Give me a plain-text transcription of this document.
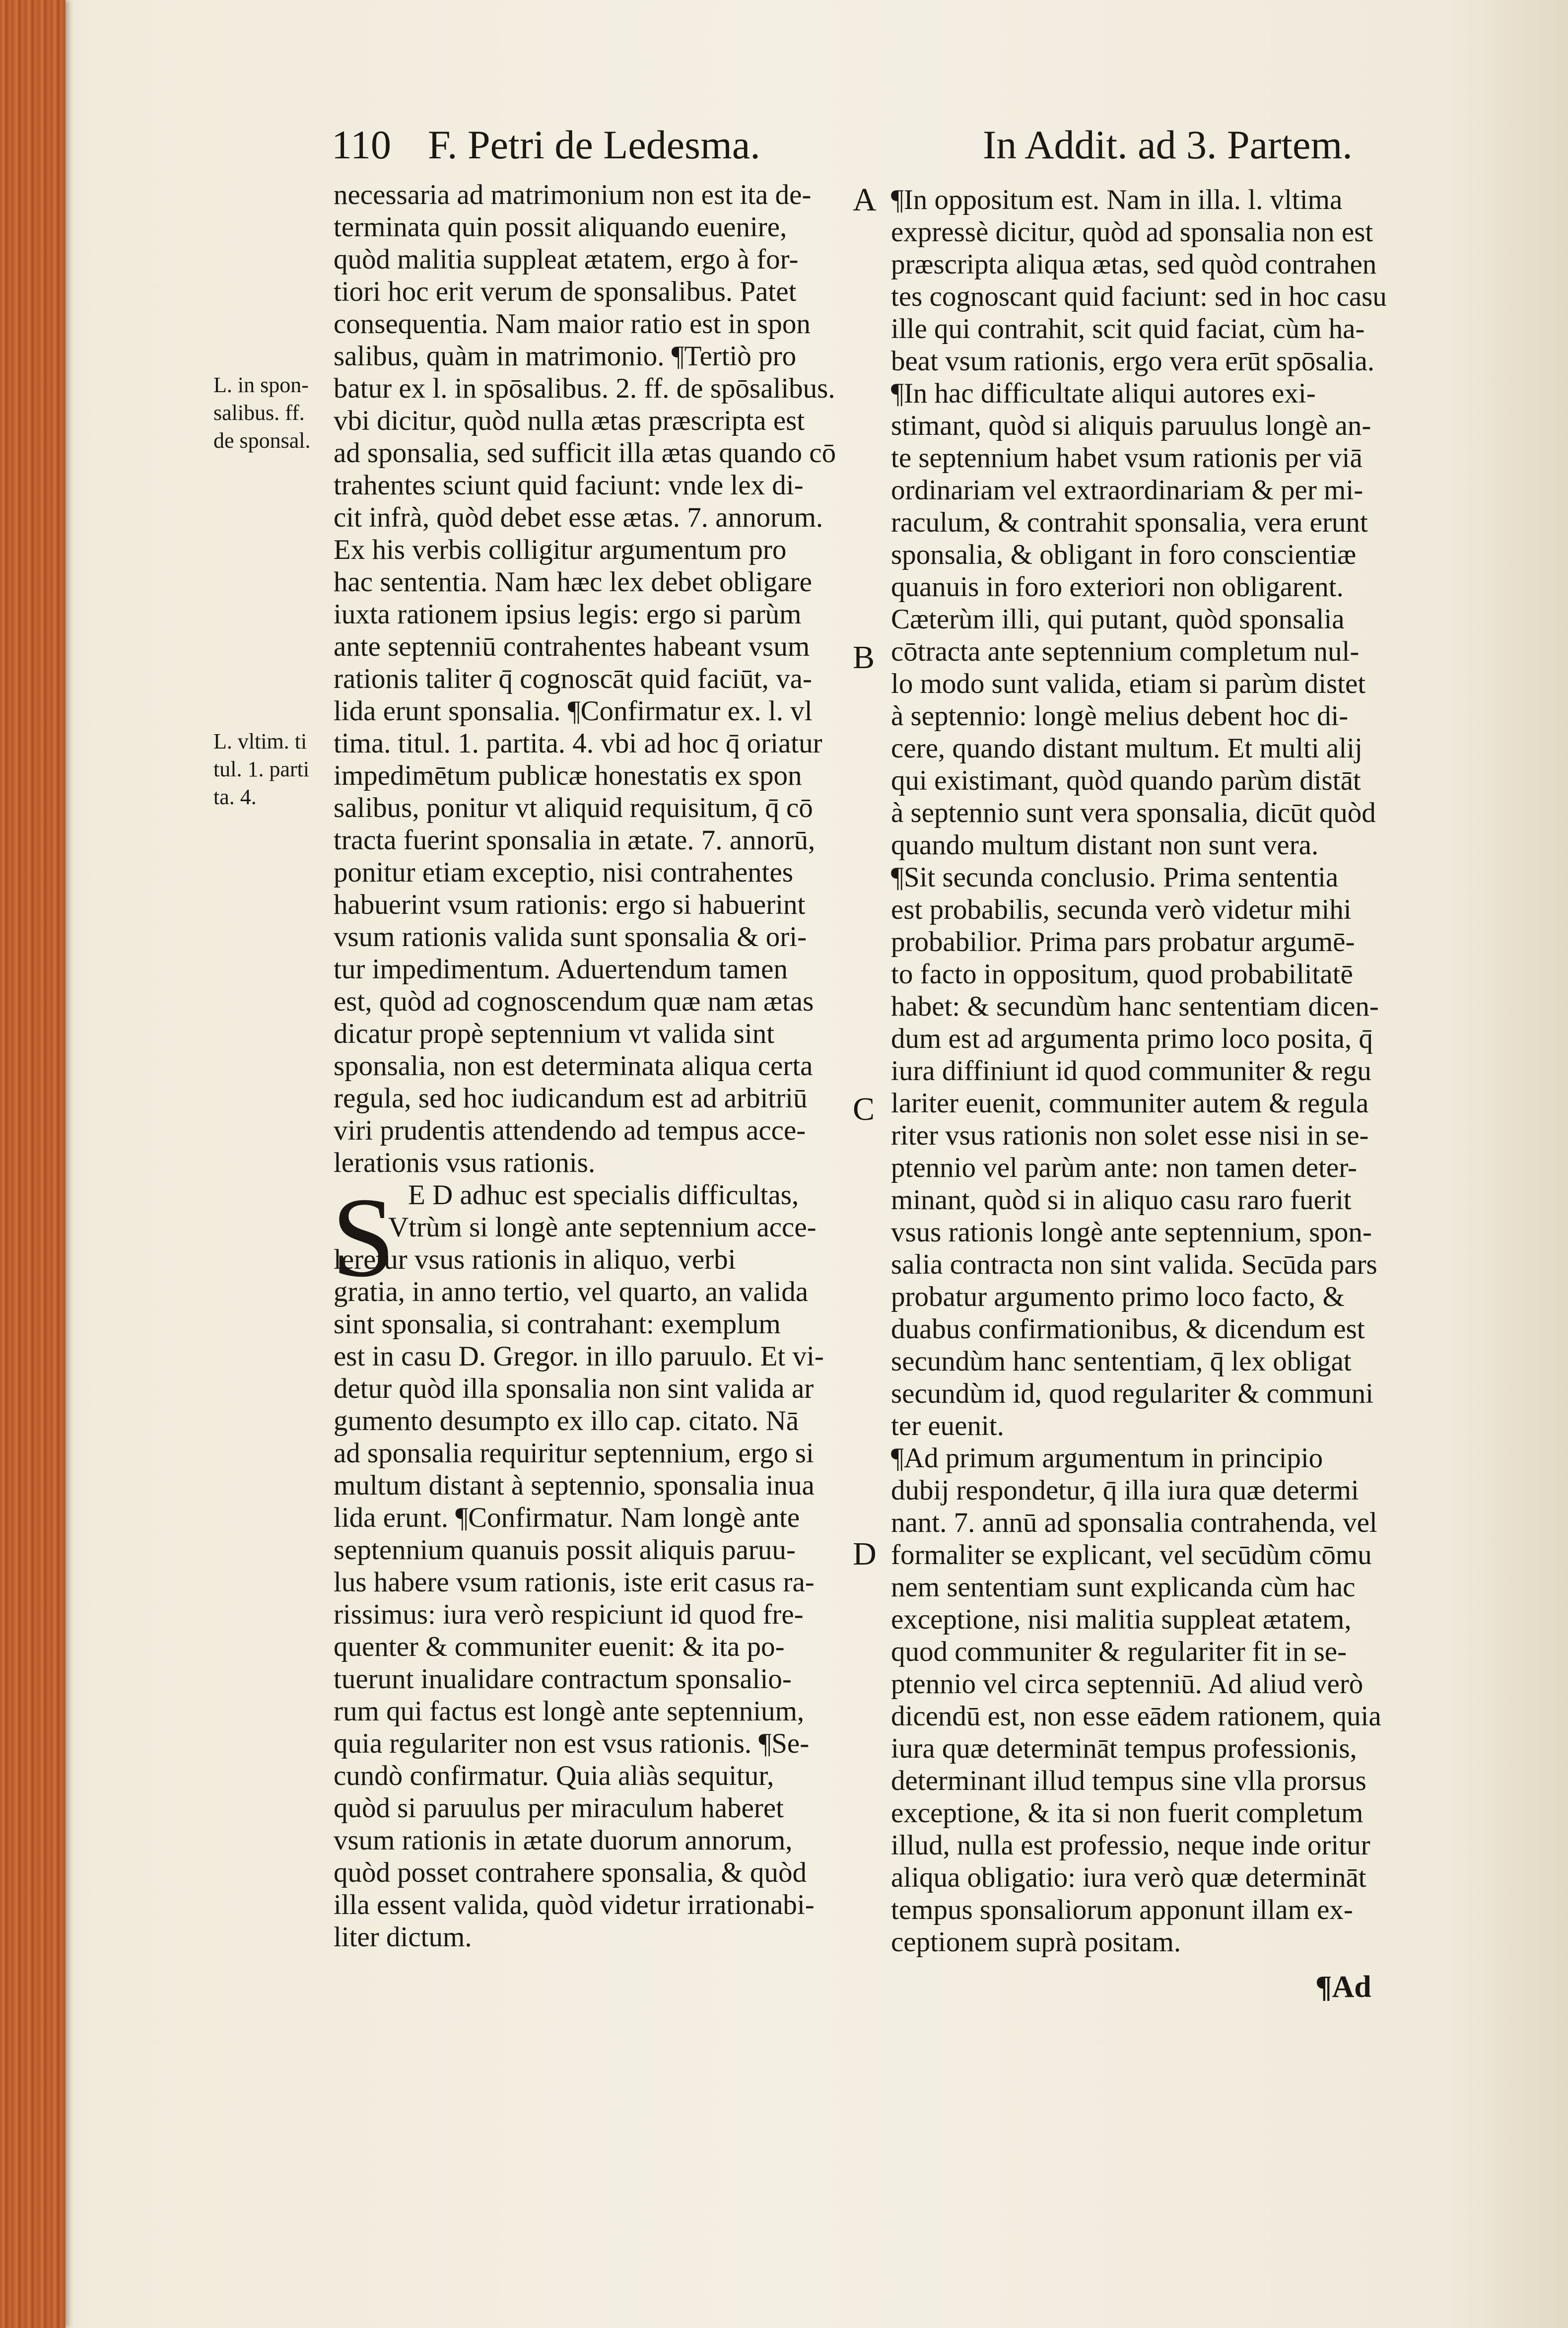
110 F. Petri de Ledesma.	In Addit. ad 3. Partem.
L. in spon-
salibus. ff.
de sponsal.
L. vltim. ti
tul. 1. parti
ta. 4.
A
B
C
D
S
necessaria ad matrimonium non est ita de-
terminata quin possit aliquando euenire,
quòd malitia suppleat ætatem, ergo à for-
tiori hoc erit verum de sponsalibus. Patet
consequentia. Nam maior ratio est in spon
salibus, quàm in matrimonio. ¶Tertiò pro
batur ex l. in spōsalibus. 2. ff. de spōsalibus.
vbi dicitur, quòd nulla ætas præscripta est
ad sponsalia, sed sufficit illa ætas quando cō
trahentes sciunt quid faciunt: vnde lex di-
cit infrà, quòd debet esse ætas. 7. annorum.
Ex his verbis colligitur argumentum pro
hac sententia. Nam hæc lex debet obligare
iuxta rationem ipsius legis: ergo si parùm
ante septenniū contrahentes habeant vsum
rationis taliter q̄ cognoscāt quid faciūt, va-
lida erunt sponsalia. ¶Confirmatur ex. l. vl
tima. titul. 1. partita. 4. vbi ad hoc q̄ oriatur
impedimētum publicæ honestatis ex spon
salibus, ponitur vt aliquid requisitum, q̄ cō
tracta fuerint sponsalia in ætate. 7. annorū,
ponitur etiam exceptio, nisi contrahentes
habuerint vsum rationis: ergo si habuerint
vsum rationis valida sunt sponsalia & ori-
tur impedimentum. Aduertendum tamen
est, quòd ad cognoscendum quæ nam ætas
dicatur propè septennium vt valida sint
sponsalia, non est determinata aliqua certa
regula, sed hoc iudicandum est ad arbitriū
viri prudentis attendendo ad tempus acce-
lerationis vsus rationis.
E D adhuc est specialis difficultas,
Vtrùm si longè ante septennium acce-
leretur vsus rationis in aliquo, verbi
gratia, in anno tertio, vel quarto, an valida
sint sponsalia, si contrahant: exemplum
est in casu D. Gregor. in illo paruulo. Et vi-
detur quòd illa sponsalia non sint valida ar
gumento desumpto ex illo cap. citato. Nā
ad sponsalia requiritur septennium, ergo si
multum distant à septennio, sponsalia inua
lida erunt. ¶Confirmatur. Nam longè ante
septennium quanuis possit aliquis paruu-
lus habere vsum rationis, iste erit casus ra-
rissimus: iura verò respiciunt id quod fre-
quenter & communiter euenit: & ita po-
tuerunt inualidare contractum sponsalio-
rum qui factus est longè ante septennium,
quia regulariter non est vsus rationis. ¶Se-
cundò confirmatur. Quia aliàs sequitur,
quòd si paruulus per miraculum haberet
vsum rationis in ætate duorum annorum,
quòd posset contrahere sponsalia, & quòd
illa essent valida, quòd videtur irrationabi-
liter dictum.
¶In oppositum est. Nam in illa. l. vltima
expressè dicitur, quòd ad sponsalia non est
præscripta aliqua ætas, sed quòd contrahen
tes cognoscant quid faciunt: sed in hoc casu
ille qui contrahit, scit quid faciat, cùm ha-
beat vsum rationis, ergo vera erūt spōsalia.
¶In hac difficultate aliqui autores exi-
stimant, quòd si aliquis paruulus longè an-
te septennium habet vsum rationis per viā
ordinariam vel extraordinariam & per mi-
raculum, & contrahit sponsalia, vera erunt
sponsalia, & obligant in foro conscientiæ
quanuis in foro exteriori non obligarent.
Cæterùm illi, qui putant, quòd sponsalia
cōtracta ante septennium completum nul-
lo modo sunt valida, etiam si parùm distet
à septennio: longè melius debent hoc di-
cere, quando distant multum. Et multi alij
qui existimant, quòd quando parùm distāt
à septennio sunt vera sponsalia, dicūt quòd
quando multum distant non sunt vera.
¶Sit secunda conclusio. Prima sententia
est probabilis, secunda verò videtur mihi
probabilior. Prima pars probatur argumē-
to facto in oppositum, quod probabilitatē
habet: & secundùm hanc sententiam dicen-
dum est ad argumenta primo loco posita, q̄
iura diffiniunt id quod communiter & regu
lariter euenit, communiter autem & regula
riter vsus rationis non solet esse nisi in se-
ptennio vel parùm ante: non tamen deter-
minant, quòd si in aliquo casu raro fuerit
vsus rationis longè ante septennium, spon-
salia contracta non sint valida. Secūda pars
probatur argumento primo loco facto, &
duabus confirmationibus, & dicendum est
secundùm hanc sententiam, q̄ lex obligat
secundùm id, quod regulariter & communi
ter euenit.
¶Ad primum argumentum in principio
dubij respondetur, q̄ illa iura quæ determi
nant. 7. annū ad sponsalia contrahenda, vel
formaliter se explicant, vel secūdùm cōmu
nem sententiam sunt explicanda cùm hac
exceptione, nisi malitia suppleat ætatem,
quod communiter & regulariter fit in se-
ptennio vel circa septenniū. Ad aliud verò
dicendū est, non esse eādem rationem, quia
iura quæ determināt tempus professionis,
determinant illud tempus sine vlla prorsus
exceptione, & ita si non fuerit completum
illud, nulla est professio, neque inde oritur
aliqua obligatio: iura verò quæ determināt
tempus sponsaliorum apponunt illam ex-
ceptionem suprà positam.
¶Ad
